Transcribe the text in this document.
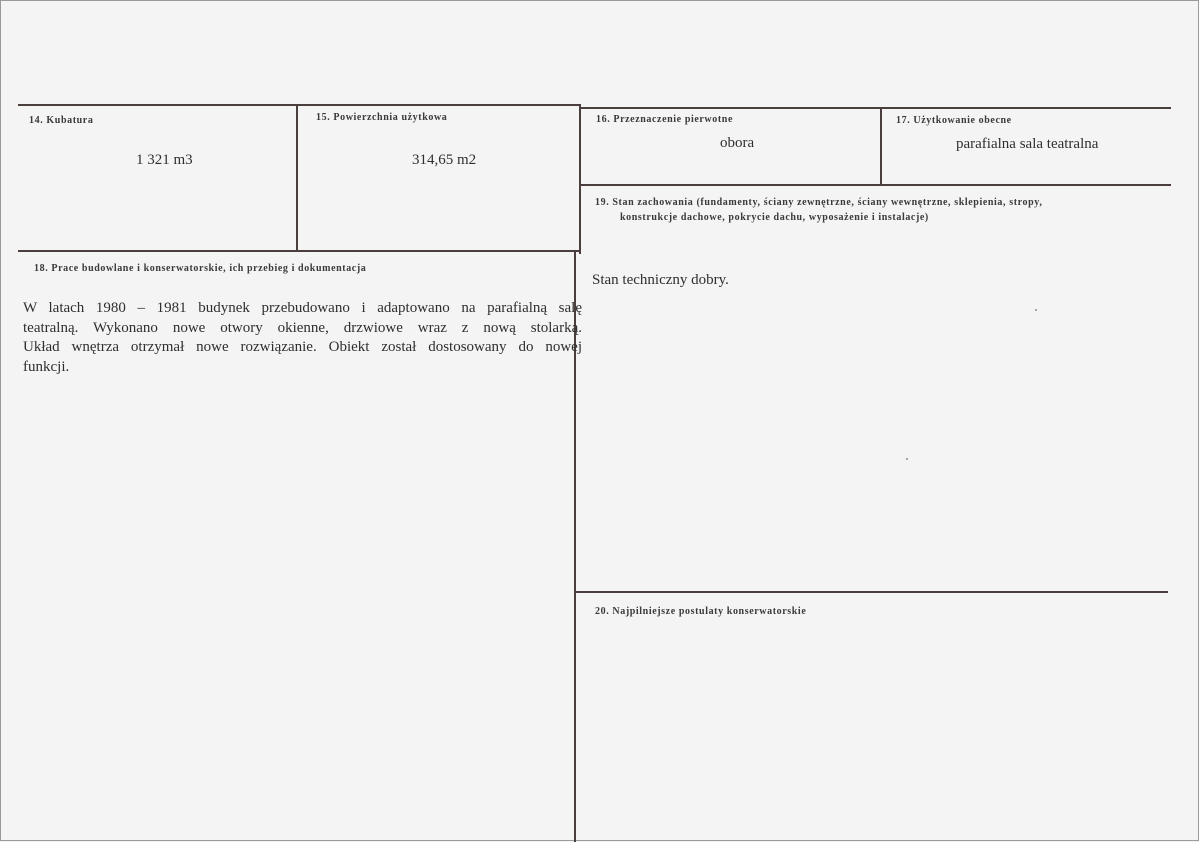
14. Kubatura
1 321 m3
15. Powierzchnia użytkowa
314,65 m2
16. Przeznaczenie pierwotne
obora
17. Użytkowanie obecne
parafialna sala teatralna
18. Prace budowlane i konserwatorskie, ich przebieg i dokumentacja
W latach 1980 – 1981 budynek przebudowano i adaptowano na parafialną salę
teatralną. Wykonano nowe otwory okienne, drzwiowe wraz z nową stolarką.
Układ wnętrza otrzymał nowe rozwiązanie. Obiekt został dostosowany do nowej
funkcji.
19. Stan zachowania (fundamenty, ściany zewnętrzne, ściany wewnętrzne, sklepienia, stropy,
konstrukcje dachowe, pokrycie dachu, wyposażenie i instalacje)
Stan techniczny dobry.
20. Najpilniejsze postulaty konserwatorskie
